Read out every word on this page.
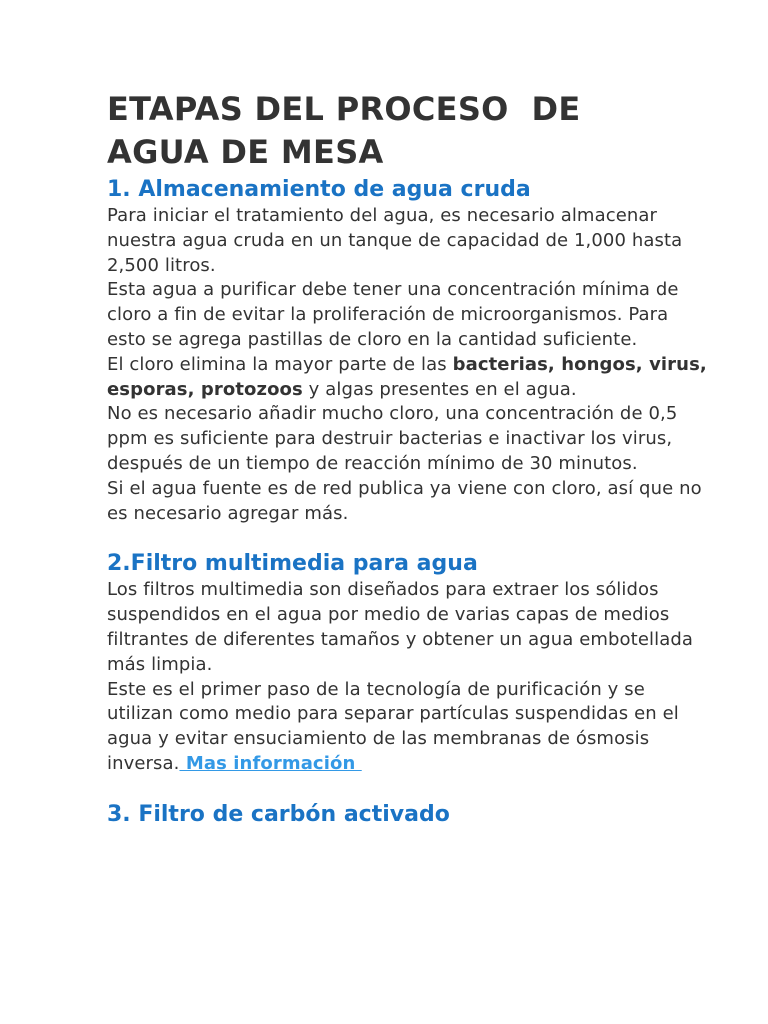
ETAPAS DEL PROCESO  DE
AGUA DE MESA
1. Almacenamiento de agua cruda

Para iniciar el tratamiento del agua, es necesario almacenar nuestra agua cruda en un tanque de capacidad de 1,000 hasta 2,500 litros.

Esta agua a purificar debe tener una concentración mínima de cloro a fin de evitar la proliferación de microorganismos. Para esto se agrega pastillas de cloro en la cantidad suficiente.

El cloro elimina la mayor parte de las bacterias, hongos, virus, esporas, protozoos y algas presentes en el agua.

No es necesario añadir mucho cloro, una concentración de 0,5 ppm es suficiente para destruir bacterias e inactivar los virus, después de un tiempo de reacción mínimo de 30 minutos.

Si el agua fuente es de red publica ya viene con cloro, así que no es necesario agregar más.

2.Filtro multimedia para agua

Los filtros multimedia son diseñados para extraer los sólidos suspendidos en el agua por medio de varias capas de medios filtrantes de diferentes tamaños y obtener un agua embotellada más limpia.

Este es el primer paso de la tecnología de purificación y se utilizan como medio para separar partículas suspendidas en el agua y evitar ensuciamiento de las membranas de ósmosis inversa. Mas información

3. Filtro de carbón activado
